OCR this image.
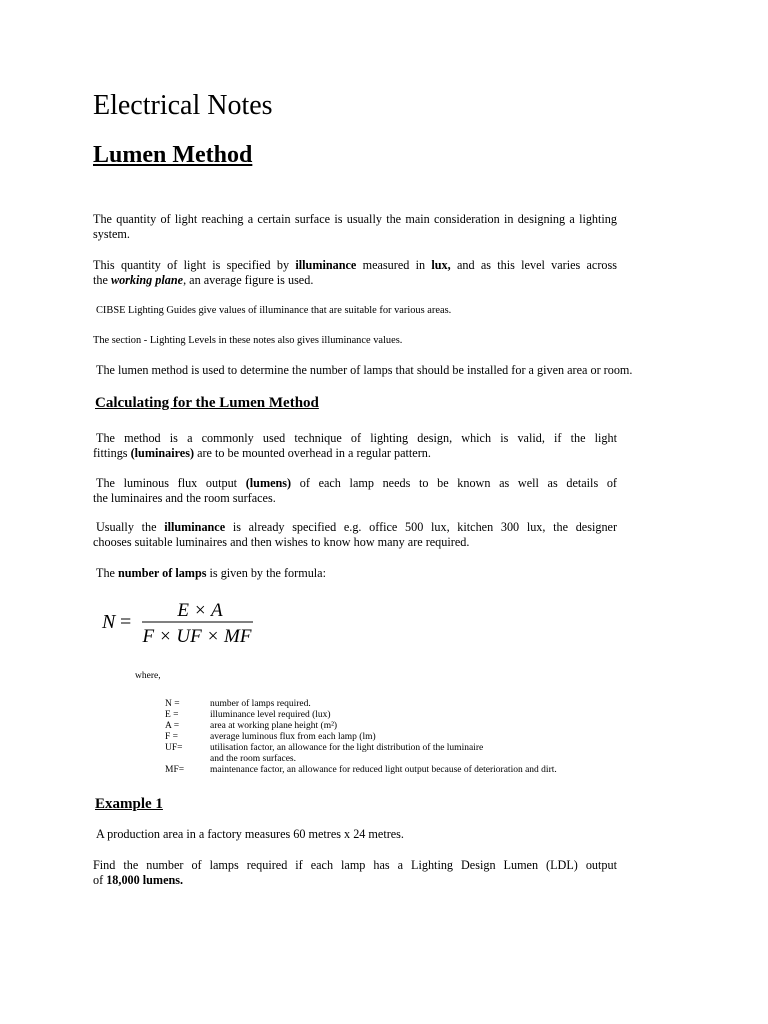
Electrical Notes
Lumen Method
The quantity of light reaching a certain surface is usually the main consideration in designing a lighting system.
This quantity of light is specified by illuminance measured in lux, and as this level varies across
the working plane, an average figure is used.
CIBSE Lighting Guides give values of illuminance that are suitable for various areas.
The section - Lighting Levels in these notes also gives illuminance values.
The lumen method is used to determine the number of lamps that should be installed for a given area or room.
Calculating for the Lumen Method
The method is a commonly used technique of lighting design, which is valid, if the light
fittings (luminaires) are to be mounted overhead in a regular pattern.
The luminous flux output (lumens) of each lamp needs to be known as well as details of
the luminaires and the room surfaces.
Usually the illuminance is already specified e.g. office 500 lux, kitchen 300 lux, the designer
chooses suitable luminaires and then wishes to know how many are required.
The number of lamps is given by the formula:
N =
E × A
F × UF × MF
where,
N =	number of lamps required.
E =	illuminance level required (lux)
A =	area at working plane height (m²)
F =	average luminous flux from each lamp (lm)
UF=	utilisation factor, an allowance for the light distribution of the luminaire
and the room surfaces.
MF=	maintenance factor, an allowance for reduced light output because of deterioration and dirt.
Example 1
A production area in a factory measures 60 metres x 24 metres.
Find the number of lamps required if each lamp has a Lighting Design Lumen (LDL) output
of 18,000 lumens.
